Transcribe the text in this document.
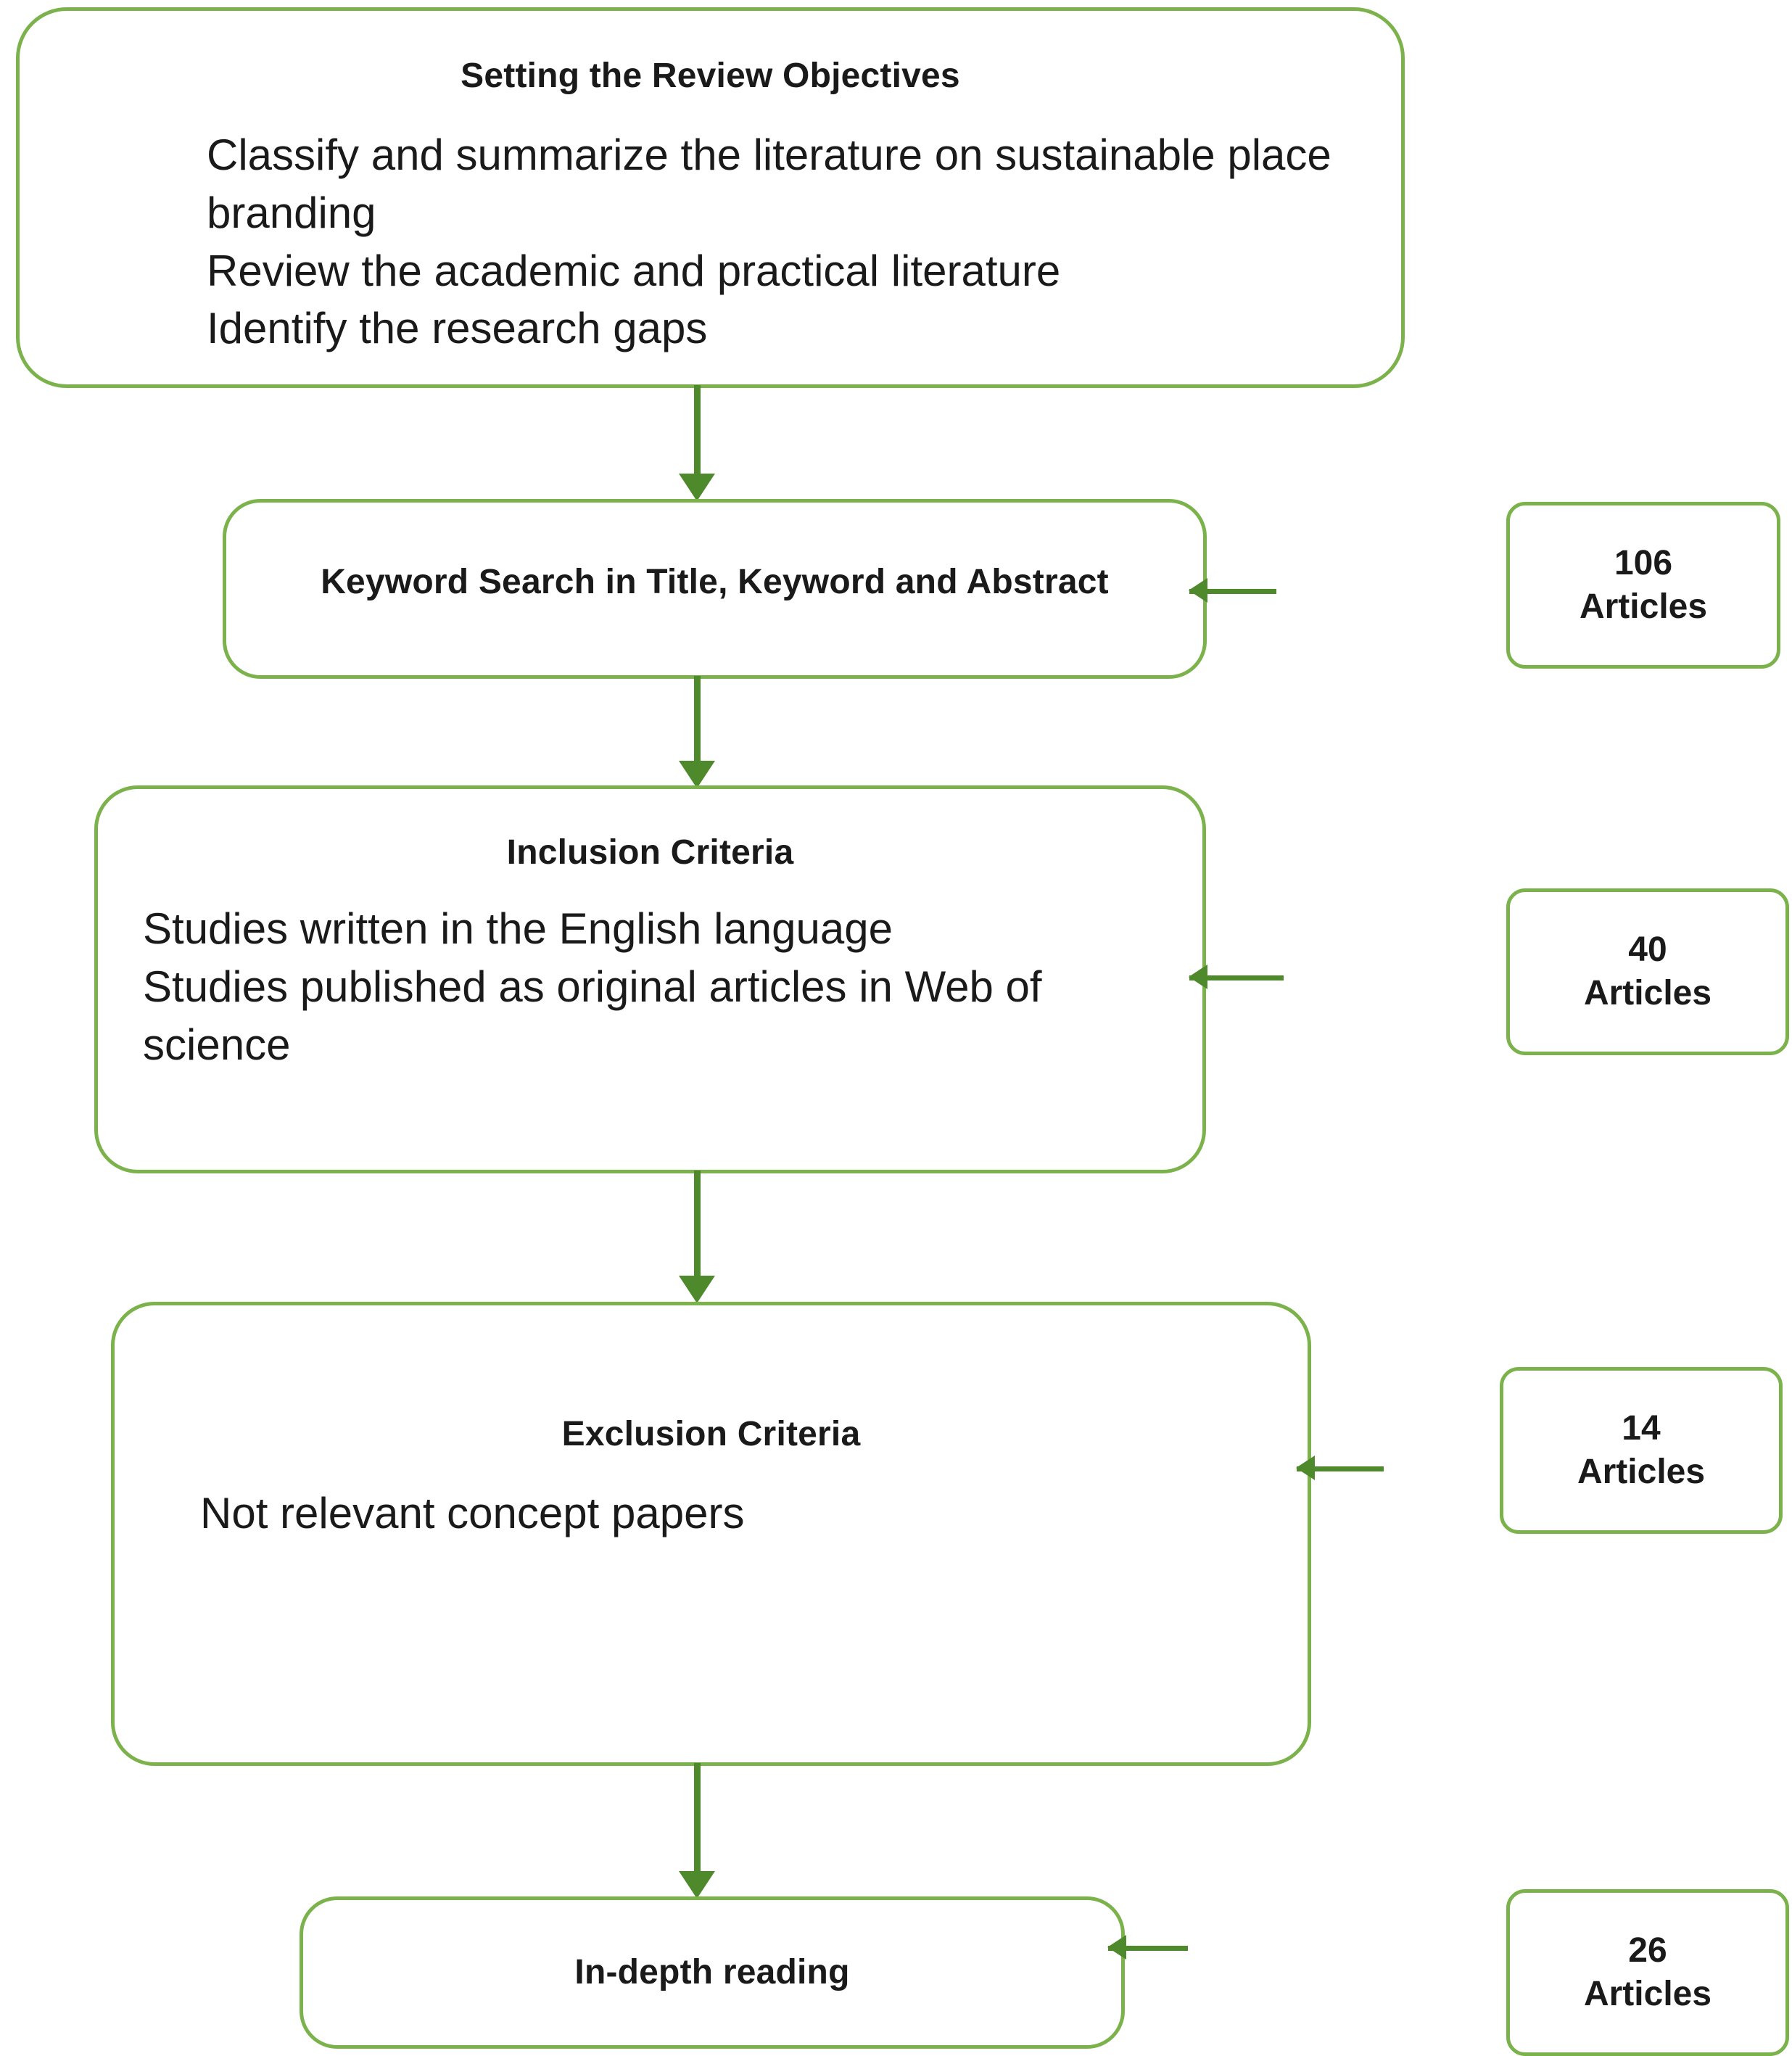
Setting the Review Objectives
Classify and summarize the literature on sustainable place branding
Review the academic and practical literature
Identify the research gaps
Keyword Search in Title, Keyword and Abstract	106
Articles
Inclusion Criteria
Studies written in the English language
Studies published as original articles in Web of science
40
Articles
Exclusion Criteria
Not relevant concept papers
14
Articles
In-depth reading
26
Articles
